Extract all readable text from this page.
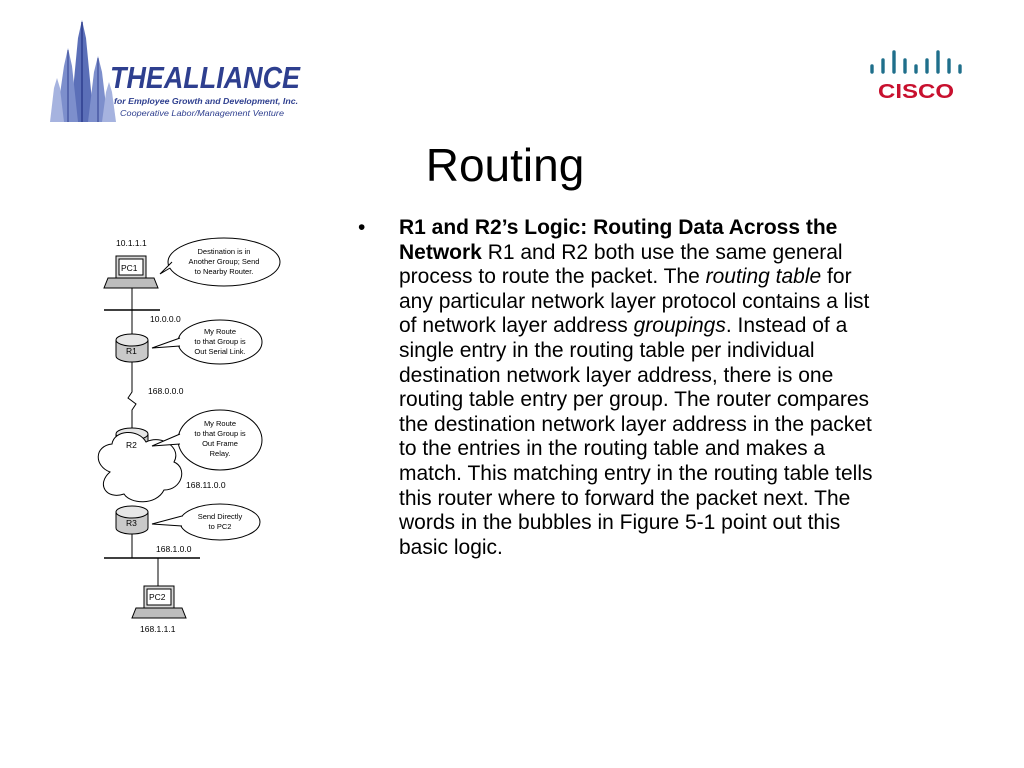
THEALLIANCE
for Employee Growth and Development, Inc.
Cooperative Labor/Management Venture
CISCO
Routing
10.1.1.1
PC1
10.0.0.0
R1
168.0.0.0
R2
168.11.0.0
R3
168.1.0.0
PC2
168.1.1.1
Destination is in
Another Group; Send
to Nearby Router.
My Route
to that Group is
Out Serial Link.
My Route
to that Group is
Out Frame
Relay.
Send Directly
to PC2
• R1 and R2’s Logic: Routing Data Across the Network R1 and R2 both use the same general process to route the packet. The routing table for any particular network layer protocol contains a list of network layer address groupings. Instead of a single entry in the routing table per individual destination network layer address, there is one routing table entry per group. The router compares the destination network layer address in the packet to the entries in the routing table and makes a match. This matching entry in the routing table tells this router where to forward the packet next. The words in the bubbles in Figure 5-1 point out this basic logic.
